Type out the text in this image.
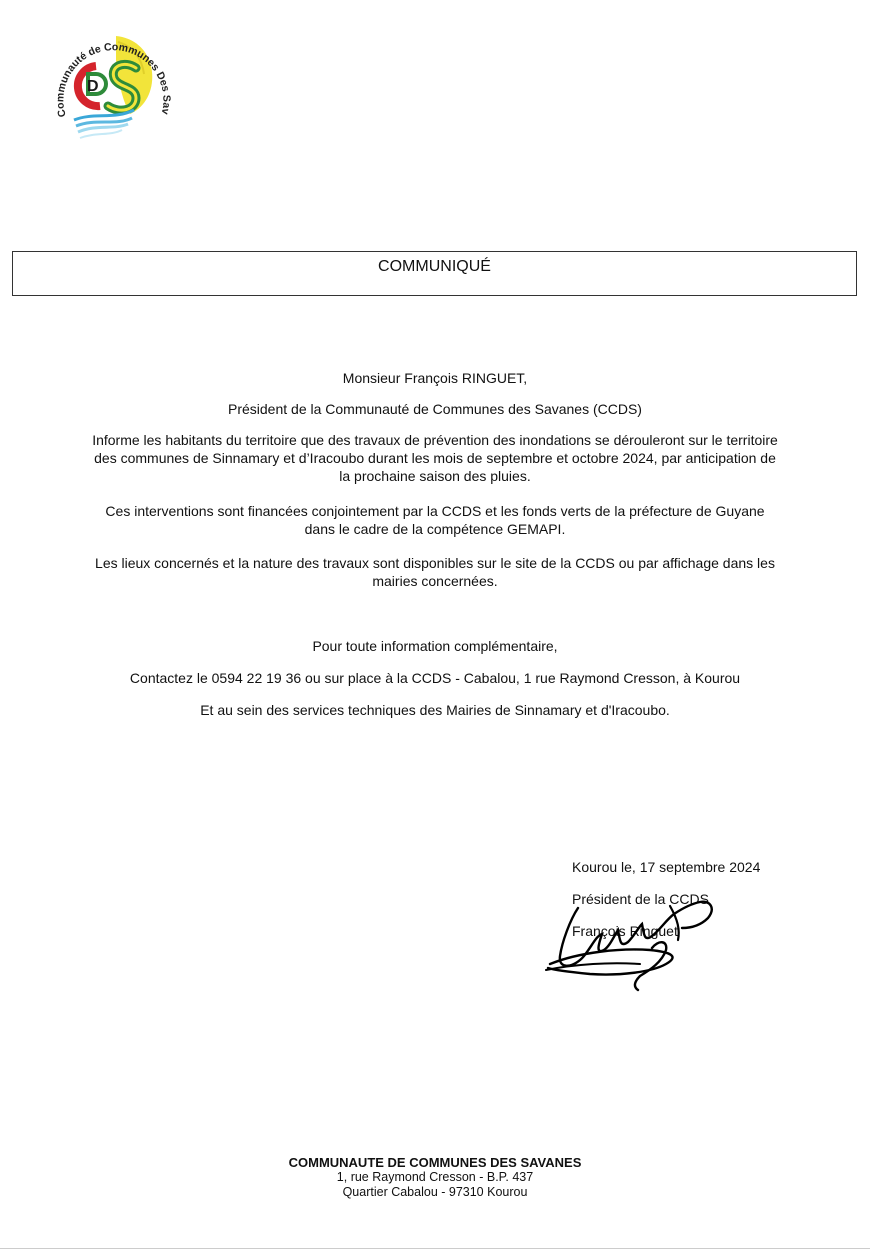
D
Communauté de Communes Des Sav
COMMUNIQUÉ

Monsieur François RINGUET,

Président de la Communauté de Communes des Savanes (CCDS)

Informe les habitants du territoire que des travaux de prévention des inondations se dérouleront sur le territoire des communes de Sinnamary et d’Iracoubo durant les mois de septembre et octobre 2024, par anticipation de la prochaine saison des pluies.

Ces interventions sont financées conjointement par la CCDS et les fonds verts de la préfecture de Guyane dans le cadre de la compétence GEMAPI.

Les lieux concernés et la nature des travaux sont disponibles sur le site de la CCDS ou par affichage dans les mairies concernées.

Pour toute information complémentaire,

Contactez le 0594 22 19 36 ou sur place à la CCDS - Cabalou, 1 rue Raymond Cresson, à Kourou

Et au sein des services techniques des Mairies de Sinnamary et d'Iracoubo.

Kourou le, 17 septembre 2024

Président de la CCDS

François Ringuet

COMMUNAUTE DE COMMUNES DES SAVANES
1, rue Raymond Cresson - B.P. 437
Quartier Cabalou - 97310 Kourou
